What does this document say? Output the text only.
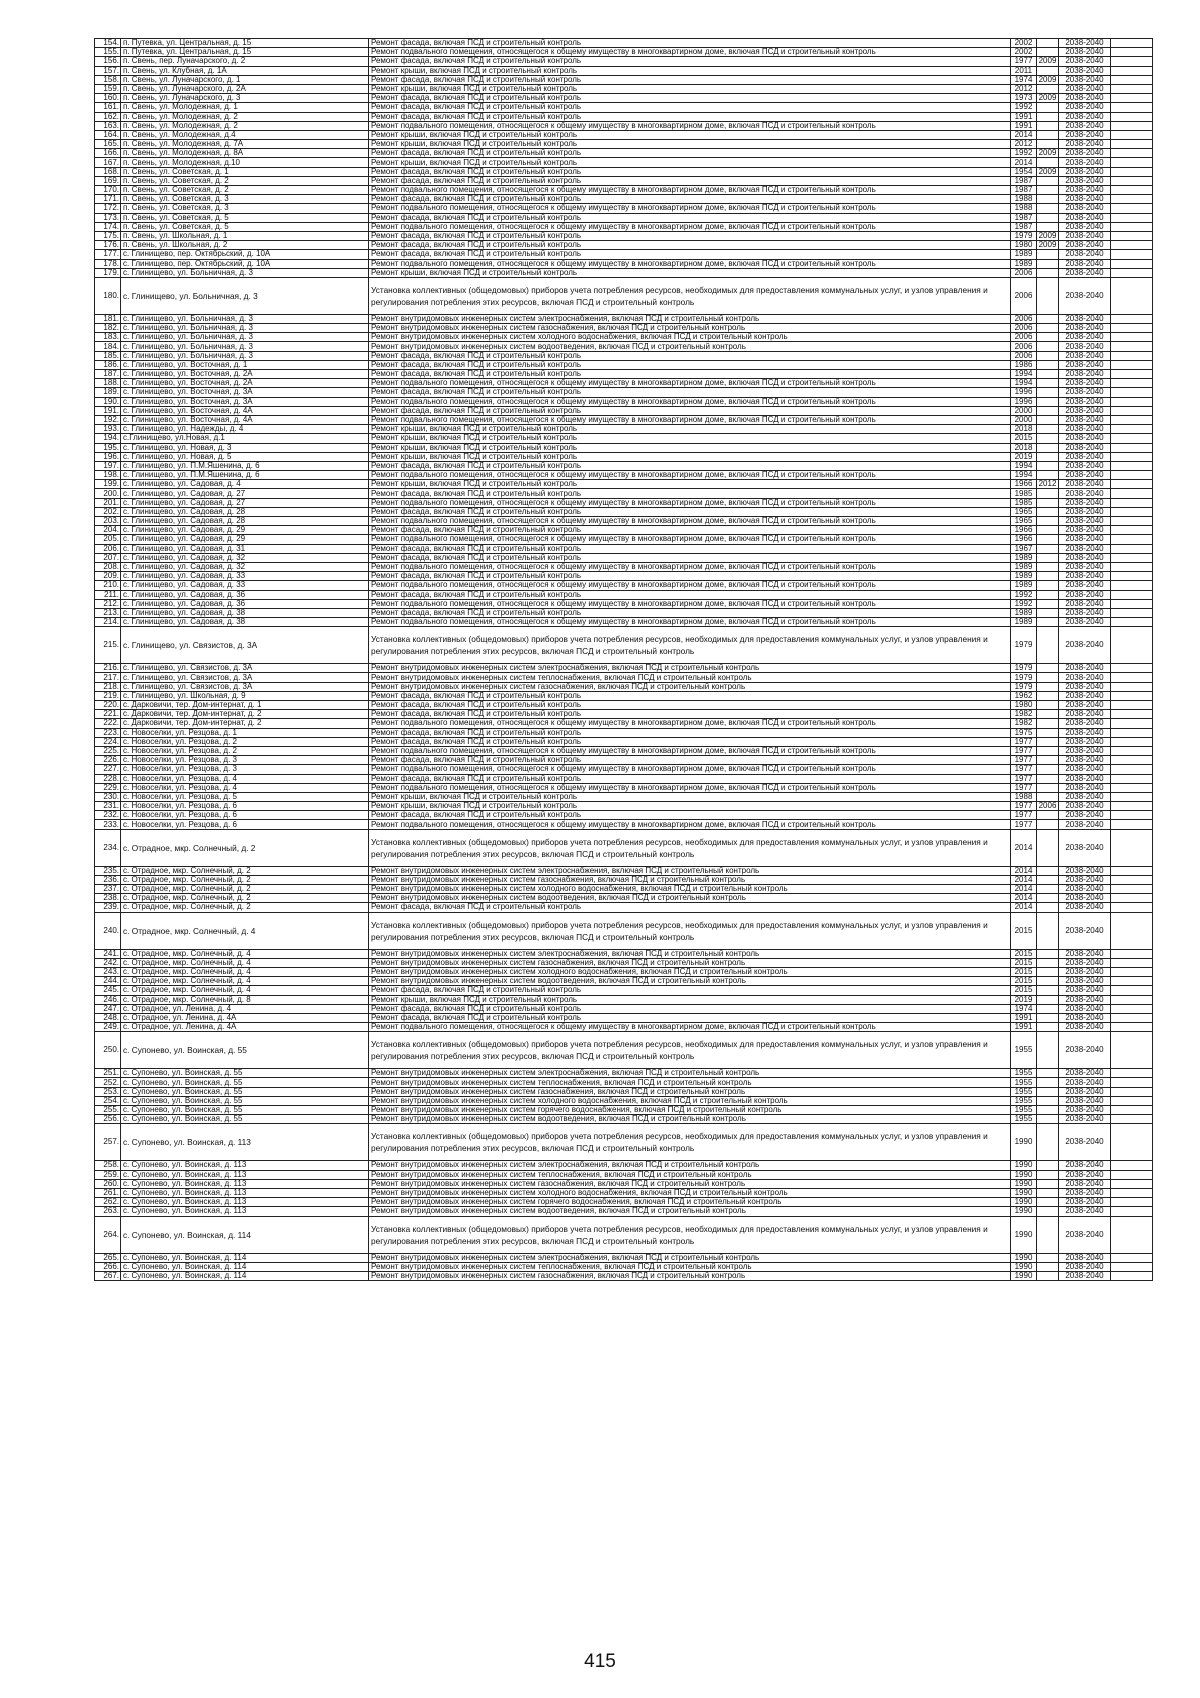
154.	п. Путевка, ул. Центральная, д. 15	Ремонт фасада, включая ПСД и строительный контроль	2002		2038-2040	
155.	п. Путевка, ул. Центральная, д. 15	Ремонт подвального помещения, относящегося к общему имуществу в многоквартирном доме, включая ПСД и строительный контроль	2002		2038-2040	
156.	п. Свень, пер. Луначарского, д. 2	Ремонт фасада, включая ПСД и строительный контроль	1977	2009	2038-2040	
157.	п. Свень, ул. Клубная, д. 1А	Ремонт крыши, включая ПСД и строительный контроль	2011		2038-2040	
158.	п. Свень, ул. Луначарского, д. 1	Ремонт фасада, включая ПСД и строительный контроль	1974	2009	2038-2040	
159.	п. Свень, ул. Луначарского, д. 2А	Ремонт крыши, включая ПСД и строительный контроль	2012		2038-2040	
160.	п. Свень, ул. Луначарского, д. 3	Ремонт фасада, включая ПСД и строительный контроль	1973	2009	2038-2040	
161.	п. Свень, ул. Молодежная, д. 1	Ремонт фасада, включая ПСД и строительный контроль	1992		2038-2040	
162.	п. Свень, ул. Молодежная, д. 2	Ремонт фасада, включая ПСД и строительный контроль	1991		2038-2040	
163.	п. Свень, ул. Молодежная, д. 2	Ремонт подвального помещения, относящегося к общему имуществу в многоквартирном доме, включая ПСД и строительный контроль	1991		2038-2040	
164.	п. Свень, ул. Молодежная, д.4	Ремонт крыши, включая ПСД и строительный контроль	2014		2038-2040	
165.	п. Свень, ул. Молодежная, д. 7А	Ремонт крыши, включая ПСД и строительный контроль	2012		2038-2040	
166.	п. Свень, ул. Молодежная, д. 8А	Ремонт фасада, включая ПСД и строительный контроль	1992	2009	2038-2040	
167.	п. Свень, ул. Молодежная, д.10	Ремонт крыши, включая ПСД и строительный контроль	2014		2038-2040	
168.	п. Свень, ул. Советская, д. 1	Ремонт фасада, включая ПСД и строительный контроль	1954	2009	2038-2040	
169.	п. Свень, ул. Советская, д. 2	Ремонт фасада, включая ПСД и строительный контроль	1987		2038-2040	
170.	п. Свень, ул. Советская, д. 2	Ремонт подвального помещения, относящегося к общему имуществу в многоквартирном доме, включая ПСД и строительный контроль	1987		2038-2040	
171.	п. Свень, ул. Советская, д. 3	Ремонт фасада, включая ПСД и строительный контроль	1988		2038-2040	
172.	п. Свень, ул. Советская, д. 3	Ремонт подвального помещения, относящегося к общему имуществу в многоквартирном доме, включая ПСД и строительный контроль	1988		2038-2040	
173.	п. Свень, ул. Советская, д. 5	Ремонт фасада, включая ПСД и строительный контроль	1987		2038-2040	
174.	п. Свень, ул. Советская, д. 5	Ремонт подвального помещения, относящегося к общему имуществу в многоквартирном доме, включая ПСД и строительный контроль	1987		2038-2040	
175.	п. Свень, ул. Школьная, д. 1	Ремонт фасада, включая ПСД и строительный контроль	1979	2009	2038-2040	
176.	п. Свень, ул. Школьная, д. 2	Ремонт фасада, включая ПСД и строительный контроль	1980	2009	2038-2040	
177.	с. Глинищево, пер. Октябрьский, д. 10А	Ремонт фасада, включая ПСД и строительный контроль	1989		2038-2040	
178.	с. Глинищево, пер. Октябрьский, д. 10А	Ремонт подвального помещения, относящегося к общему имуществу в многоквартирном доме, включая ПСД и строительный контроль	1989		2038-2040	
179.	с. Глинищево, ул. Больничная, д. 3	Ремонт крыши, включая ПСД и строительный контроль	2006		2038-2040	
180.	с. Глинищево, ул. Больничная, д. 3	Установка коллективных (общедомовых) приборов учета потребления ресурсов, необходимых для предоставления коммунальных услуг, и узлов управления и регулирования потребления этих ресурсов, включая ПСД и строительный контроль	2006		2038-2040	
181.	с. Глинищево, ул. Больничная, д. 3	Ремонт внутридомовых инженерных систем электроснабжения, включая ПСД и строительный контроль	2006		2038-2040	
182.	с. Глинищево, ул. Больничная, д. 3	Ремонт внутридомовых инженерных систем газоснабжения, включая ПСД и строительный контроль	2006		2038-2040	
183.	с. Глинищево, ул. Больничная, д. 3	Ремонт внутридомовых инженерных систем холодного водоснабжения, включая ПСД и строительный контроль	2006		2038-2040	
184.	с. Глинищево, ул. Больничная, д. 3	Ремонт внутридомовых инженерных систем водоотведения, включая ПСД и строительный контроль	2006		2038-2040	
185.	с. Глинищево, ул. Больничная, д. 3	Ремонт фасада, включая ПСД и строительный контроль	2006		2038-2040	
186.	с. Глинищево, ул. Восточная, д. 1	Ремонт фасада, включая ПСД и строительный контроль	1986		2038-2040	
187.	с. Глинищево, ул. Восточная, д. 2А	Ремонт фасада, включая ПСД и строительный контроль	1994		2038-2040	
188.	с. Глинищево, ул. Восточная, д. 2А	Ремонт подвального помещения, относящегося к общему имуществу в многоквартирном доме, включая ПСД и строительный контроль	1994		2038-2040	
189.	с. Глинищево, ул. Восточная, д. 3А	Ремонт фасада, включая ПСД и строительный контроль	1996		2038-2040	
190.	с. Глинищево, ул. Восточная, д. 3А	Ремонт подвального помещения, относящегося к общему имуществу в многоквартирном доме, включая ПСД и строительный контроль	1996		2038-2040	
191.	с. Глинищево, ул. Восточная, д. 4А	Ремонт фасада, включая ПСД и строительный контроль	2000		2038-2040	
192.	с. Глинищево, ул. Восточная, д. 4А	Ремонт подвального помещения, относящегося к общему имуществу в многоквартирном доме, включая ПСД и строительный контроль	2000		2038-2040	
193.	с. Глинищево, ул. Надежды, д. 4	Ремонт крыши, включая ПСД и строительный контроль	2018		2038-2040	
194.	с.Глинищево, ул.Новая, д.1	Ремонт крыши, включая ПСД и строительный контроль	2015		2038-2040	
195.	с. Глинищево, ул. Новая, д. 3	Ремонт крыши, включая ПСД и строительный контроль	2018		2038-2040	
196.	с. Глинищево, ул. Новая, д. 5	Ремонт крыши, включая ПСД и строительный контроль	2019		2038-2040	
197.	с. Глинищево, ул. П.М.Яшенина, д. 6	Ремонт фасада, включая ПСД и строительный контроль	1994		2038-2040	
198.	с. Глинищево, ул. П.М.Яшенина, д. 6	Ремонт подвального помещения, относящегося к общему имуществу в многоквартирном доме, включая ПСД и строительный контроль	1994		2038-2040	
199.	с. Глинищево, ул. Садовая, д. 4	Ремонт крыши, включая ПСД и строительный контроль	1966	2012	2038-2040	
200.	с. Глинищево, ул. Садовая, д. 27	Ремонт фасада, включая ПСД и строительный контроль	1985		2038-2040	
201.	с. Глинищево, ул. Садовая, д. 27	Ремонт подвального помещения, относящегося к общему имуществу в многоквартирном доме, включая ПСД и строительный контроль	1985		2038-2040	
202.	с. Глинищево, ул. Садовая, д. 28	Ремонт фасада, включая ПСД и строительный контроль	1965		2038-2040	
203.	с. Глинищево, ул. Садовая, д. 28	Ремонт подвального помещения, относящегося к общему имуществу в многоквартирном доме, включая ПСД и строительный контроль	1965		2038-2040	
204.	с. Глинищево, ул. Садовая, д. 29	Ремонт фасада, включая ПСД и строительный контроль	1966		2038-2040	
205.	с. Глинищево, ул. Садовая, д. 29	Ремонт подвального помещения, относящегося к общему имуществу в многоквартирном доме, включая ПСД и строительный контроль	1966		2038-2040	
206.	с. Глинищево, ул. Садовая, д. 31	Ремонт фасада, включая ПСД и строительный контроль	1967		2038-2040	
207.	с. Глинищево, ул. Садовая, д. 32	Ремонт фасада, включая ПСД и строительный контроль	1989		2038-2040	
208.	с. Глинищево, ул. Садовая, д. 32	Ремонт подвального помещения, относящегося к общему имуществу в многоквартирном доме, включая ПСД и строительный контроль	1989		2038-2040	
209.	с. Глинищево, ул. Садовая, д. 33	Ремонт фасада, включая ПСД и строительный контроль	1989		2038-2040	
210.	с. Глинищево, ул. Садовая, д. 33	Ремонт подвального помещения, относящегося к общему имуществу в многоквартирном доме, включая ПСД и строительный контроль	1989		2038-2040	
211.	с. Глинищево, ул. Садовая, д. 36	Ремонт фасада, включая ПСД и строительный контроль	1992		2038-2040	
212.	с. Глинищево, ул. Садовая, д. 36	Ремонт подвального помещения, относящегося к общему имуществу в многоквартирном доме, включая ПСД и строительный контроль	1992		2038-2040	
213.	с. Глинищево, ул. Садовая, д. 38	Ремонт фасада, включая ПСД и строительный контроль	1989		2038-2040	
214.	с. Глинищево, ул. Садовая, д. 38	Ремонт подвального помещения, относящегося к общему имуществу в многоквартирном доме, включая ПСД и строительный контроль	1989		2038-2040	
215.	с. Глинищево, ул. Связистов, д. 3А	Установка коллективных (общедомовых) приборов учета потребления ресурсов, необходимых для предоставления коммунальных услуг, и узлов управления и регулирования потребления этих ресурсов, включая ПСД и строительный контроль	1979		2038-2040	
216.	с. Глинищево, ул. Связистов, д. 3А	Ремонт внутридомовых инженерных систем электроснабжения, включая ПСД и строительный контроль	1979		2038-2040	
217.	с. Глинищево, ул. Связистов, д. 3А	Ремонт внутридомовых инженерных систем теплоснабжения, включая ПСД и строительный контроль	1979		2038-2040	
218.	с. Глинищево, ул. Связистов, д. 3А	Ремонт внутридомовых инженерных систем газоснабжения, включая ПСД и строительный контроль	1979		2038-2040	
219.	с. Глинищево, ул. Школьная, д. 9	Ремонт фасада, включая ПСД и строительный контроль	1962		2038-2040	
220.	с. Дарковичи, тер. Дом-интернат, д. 1	Ремонт фасада, включая ПСД и строительный контроль	1980		2038-2040	
221.	с. Дарковичи, тер. Дом-интернат, д. 2	Ремонт фасада, включая ПСД и строительный контроль	1982		2038-2040	
222.	с. Дарковичи, тер. Дом-интернат, д. 2	Ремонт подвального помещения, относящегося к общему имуществу в многоквартирном доме, включая ПСД и строительный контроль	1982		2038-2040	
223.	с. Новоселки, ул. Резцова, д. 1	Ремонт фасада, включая ПСД и строительный контроль	1975		2038-2040	
224.	с. Новоселки, ул. Резцова, д. 2	Ремонт фасада, включая ПСД и строительный контроль	1977		2038-2040	
225.	с. Новоселки, ул. Резцова, д. 2	Ремонт подвального помещения, относящегося к общему имуществу в многоквартирном доме, включая ПСД и строительный контроль	1977		2038-2040	
226.	с. Новоселки, ул. Резцова, д. 3	Ремонт фасада, включая ПСД и строительный контроль	1977		2038-2040	
227.	с. Новоселки, ул. Резцова, д. 3	Ремонт подвального помещения, относящегося к общему имуществу в многоквартирном доме, включая ПСД и строительный контроль	1977		2038-2040	
228.	с. Новоселки, ул. Резцова, д. 4	Ремонт фасада, включая ПСД и строительный контроль	1977		2038-2040	
229.	с. Новоселки, ул. Резцова, д. 4	Ремонт подвального помещения, относящегося к общему имуществу в многоквартирном доме, включая ПСД и строительный контроль	1977		2038-2040	
230.	с. Новоселки, ул. Резцова, д. 5	Ремонт крыши, включая ПСД и строительный контроль	1988		2038-2040	
231.	с. Новоселки, ул. Резцова, д. 6	Ремонт крыши, включая ПСД и строительный контроль	1977	2006	2038-2040	
232.	с. Новоселки, ул. Резцова, д. 6	Ремонт фасада, включая ПСД и строительный контроль	1977		2038-2040	
233.	с. Новоселки, ул. Резцова, д. 6	Ремонт подвального помещения, относящегося к общему имуществу в многоквартирном доме, включая ПСД и строительный контроль	1977		2038-2040	
234.	с. Отрадное, мкр. Солнечный, д. 2	Установка коллективных (общедомовых) приборов учета потребления ресурсов, необходимых для предоставления коммунальных услуг, и узлов управления и регулирования потребления этих ресурсов, включая ПСД и строительный контроль	2014		2038-2040	
235.	с. Отрадное, мкр. Солнечный, д. 2	Ремонт внутридомовых инженерных систем электроснабжения, включая ПСД и строительный контроль	2014		2038-2040	
236.	с. Отрадное, мкр. Солнечный, д. 2	Ремонт внутридомовых инженерных систем газоснабжения, включая ПСД и строительный контроль	2014		2038-2040	
237.	с. Отрадное, мкр. Солнечный, д. 2	Ремонт внутридомовых инженерных систем холодного водоснабжения, включая ПСД и строительный контроль	2014		2038-2040	
238.	с. Отрадное, мкр. Солнечный, д. 2	Ремонт внутридомовых инженерных систем водоотведения, включая ПСД и строительный контроль	2014		2038-2040	
239.	с. Отрадное, мкр. Солнечный, д. 2	Ремонт фасада, включая ПСД и строительный контроль	2014		2038-2040	
240.	с. Отрадное, мкр. Солнечный, д. 4	Установка коллективных (общедомовых) приборов учета потребления ресурсов, необходимых для предоставления коммунальных услуг, и узлов управления и регулирования потребления этих ресурсов, включая ПСД и строительный контроль	2015		2038-2040	
241.	с. Отрадное, мкр. Солнечный, д. 4	Ремонт внутридомовых инженерных систем электроснабжения, включая ПСД и строительный контроль	2015		2038-2040	
242.	с. Отрадное, мкр. Солнечный, д. 4	Ремонт внутридомовых инженерных систем газоснабжения, включая ПСД и строительный контроль	2015		2038-2040	
243.	с. Отрадное, мкр. Солнечный, д. 4	Ремонт внутридомовых инженерных систем холодного водоснабжения, включая ПСД и строительный контроль	2015		2038-2040	
244.	с. Отрадное, мкр. Солнечный, д. 4	Ремонт внутридомовых инженерных систем водоотведения, включая ПСД и строительный контроль	2015		2038-2040	
245.	с. Отрадное, мкр. Солнечный, д. 4	Ремонт фасада, включая ПСД и строительный контроль	2015		2038-2040	
246.	с. Отрадное, мкр. Солнечный, д. 8	Ремонт крыши, включая ПСД и строительный контроль	2019		2038-2040	
247.	с. Отрадное, ул. Ленина, д. 4	Ремонт фасада, включая ПСД и строительный контроль	1974		2038-2040	
248.	с. Отрадное, ул. Ленина, д. 4А	Ремонт фасада, включая ПСД и строительный контроль	1991		2038-2040	
249.	с. Отрадное, ул. Ленина, д. 4А	Ремонт подвального помещения, относящегося к общему имуществу в многоквартирном доме, включая ПСД и строительный контроль	1991		2038-2040	
250.	с. Супонево, ул. Воинская, д. 55	Установка коллективных (общедомовых) приборов учета потребления ресурсов, необходимых для предоставления коммунальных услуг, и узлов управления и регулирования потребления этих ресурсов, включая ПСД и строительный контроль	1955		2038-2040	
251.	с. Супонево, ул. Воинская, д. 55	Ремонт внутридомовых инженерных систем электроснабжения, включая ПСД и строительный контроль	1955		2038-2040	
252.	с. Супонево, ул. Воинская, д. 55	Ремонт внутридомовых инженерных систем теплоснабжения, включая ПСД и строительный контроль	1955		2038-2040	
253.	с. Супонево, ул. Воинская, д. 55	Ремонт внутридомовых инженерных систем газоснабжения, включая ПСД и строительный контроль	1955		2038-2040	
254.	с. Супонево, ул. Воинская, д. 55	Ремонт внутридомовых инженерных систем холодного водоснабжения, включая ПСД и строительный контроль	1955		2038-2040	
255.	с. Супонево, ул. Воинская, д. 55	Ремонт внутридомовых инженерных систем горячего водоснабжения, включая ПСД и строительный контроль	1955		2038-2040	
256.	с. Супонево, ул. Воинская, д. 55	Ремонт внутридомовых инженерных систем водоотведения, включая ПСД и строительный контроль	1955		2038-2040	
257.	с. Супонево, ул. Воинская, д. 113	Установка коллективных (общедомовых) приборов учета потребления ресурсов, необходимых для предоставления коммунальных услуг, и узлов управления и регулирования потребления этих ресурсов, включая ПСД и строительный контроль	1990		2038-2040	
258.	с. Супонево, ул. Воинская, д. 113	Ремонт внутридомовых инженерных систем электроснабжения, включая ПСД и строительный контроль	1990		2038-2040	
259.	с. Супонево, ул. Воинская, д. 113	Ремонт внутридомовых инженерных систем теплоснабжения, включая ПСД и строительный контроль	1990		2038-2040	
260.	с. Супонево, ул. Воинская, д. 113	Ремонт внутридомовых инженерных систем газоснабжения, включая ПСД и строительный контроль	1990		2038-2040	
261.	с. Супонево, ул. Воинская, д. 113	Ремонт внутридомовых инженерных систем холодного водоснабжения, включая ПСД и строительный контроль	1990		2038-2040	
262.	с. Супонево, ул. Воинская, д. 113	Ремонт внутридомовых инженерных систем горячего водоснабжения, включая ПСД и строительный контроль	1990		2038-2040	
263.	с. Супонево, ул. Воинская, д. 113	Ремонт внутридомовых инженерных систем водоотведения, включая ПСД и строительный контроль	1990		2038-2040	
264.	с. Супонево, ул. Воинская, д. 114	Установка коллективных (общедомовых) приборов учета потребления ресурсов, необходимых для предоставления коммунальных услуг, и узлов управления и регулирования потребления этих ресурсов, включая ПСД и строительный контроль	1990		2038-2040	
265.	с. Супонево, ул. Воинская, д. 114	Ремонт внутридомовых инженерных систем электроснабжения, включая ПСД и строительный контроль	1990		2038-2040	
266.	с. Супонево, ул. Воинская, д. 114	Ремонт внутридомовых инженерных систем теплоснабжения, включая ПСД и строительный контроль	1990		2038-2040	
267.	с. Супонево, ул. Воинская, д. 114	Ремонт внутридомовых инженерных систем газоснабжения, включая ПСД и строительный контроль	1990		2038-2040	
415
